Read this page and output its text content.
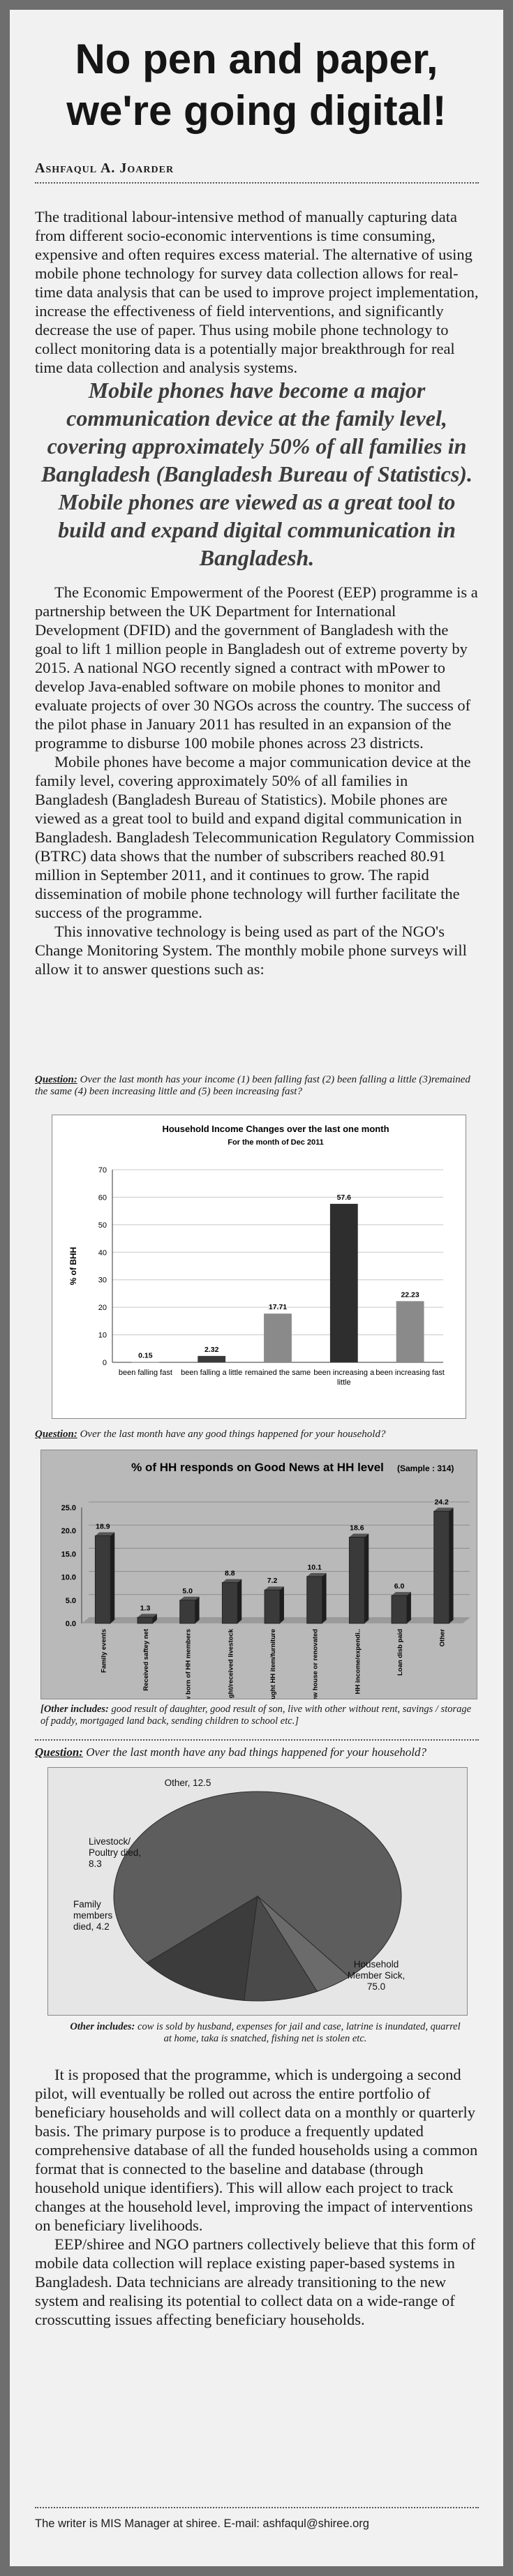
No pen and paper,
we're going digital!
Ashfaqul A. Joarder

The traditional labour-intensive method of manually capturing data from different socio-economic interventions is time consuming, expensive and often requires excess material. The alternative of using mobile phone technology for survey data collection allows for real-time data analysis that can be used to improve project implementation, increase the effectiveness of field interventions, and significantly decrease the use of paper. Thus using mobile phone technology to collect monitoring data is a potentially major breakthrough for real time data collection and analysis systems.

Mobile phones have become a major communication device at the family level, covering approximately 50% of all families in Bangladesh (Bangladesh Bureau of Statistics). Mobile phones are viewed as a great tool to build and expand digital communication in Bangladesh.

The Economic Empowerment of the Poorest (EEP) programme is a partnership between the UK Department for International Development (DFID) and the government of Bangladesh with the goal to lift 1 million people in Bangladesh out of extreme poverty by 2015. A national NGO recently signed a contract with mPower to develop Java-enabled software on mobile phones to monitor and evaluate projects of over 30 NGOs across the country. The success of the pilot phase in January 2011 has resulted in an expansion of the programme to disburse 100 mobile phones across 23 districts.

Mobile phones have become a major communication device at the family level, covering approximately 50% of all families in Bangladesh (Bangladesh Bureau of Statistics). Mobile phones are viewed as a great tool to build and expand digital communication in Bangladesh. Bangladesh Telecommunication Regulatory Commission (BTRC) data shows that the number of subscribers reached 80.91 million in September 2011, and it continues to grow. The rapid dissemination of mobile phone technology will further facilitate the success of the programme.

This innovative technology is being used as part of the NGO's Change Monitoring System. The monthly mobile phone surveys will allow it to answer questions such as:

Question: Over the last month has your income (1) been falling fast (2) been falling a little (3)remained the same (4) been increasing little and (5) been increasing fast?
Household Income Changes over the last one month
For the month of Dec 2011
0
10
20
30
40
50
60
70
% of BHH
0.15
been falling fast
2.32
been falling a little
17.71
remained the same
57.6
been increasing a
little
22.23
been increasing fast
Question: Over the last month have any good things happened for your household?
% of HH responds on Good News at HH level (Sample : 314)
0.0
5.0
10.0
15.0
20.0
25.0
18.9
Family events
1.3
Received saftey net
5.0
New born of HH members
8.8
Bought/received livestock
7.2
Bought HH item/furniture
10.1
New house or renovated
18.6
HH income/expendi..
6.0
Loan disb paid
24.2
Other
[Other includes: good result of daughter, good result of son, live with other without rent, savings / storage of paddy, mortgaged land back, sending children to school etc.]
Question: Over the last month have any bad things happened for your household?
Household
Member Sick,
75.0
Family
members
died, 4.2
Livestock/
Poultry died,
8.3
Other, 12.5
Other includes: cow is sold by husband, expenses for jail and case, latrine is inundated, quarrel at home, taka is snatched, fishing net is stolen etc.

It is proposed that the programme, which is undergoing a second pilot, will eventually be rolled out across the entire portfolio of beneficiary households and will collect data on a monthly or quarterly basis. The primary purpose is to produce a frequently updated comprehensive database of all the funded households using a common format that is connected to the baseline and database (through household unique identifiers). This will allow each project to track changes at the household level, improving the impact of interventions on beneficiary livelihoods.

EEP/shiree and NGO partners collectively believe that this form of mobile data collection will replace existing paper-based systems in Bangladesh. Data technicians are already transitioning to the new system and realising its potential to collect data on a wide-range of crosscutting issues affecting beneficiary households.

The writer is MIS Manager at shiree. E-mail: ashfaqul@shiree.org
